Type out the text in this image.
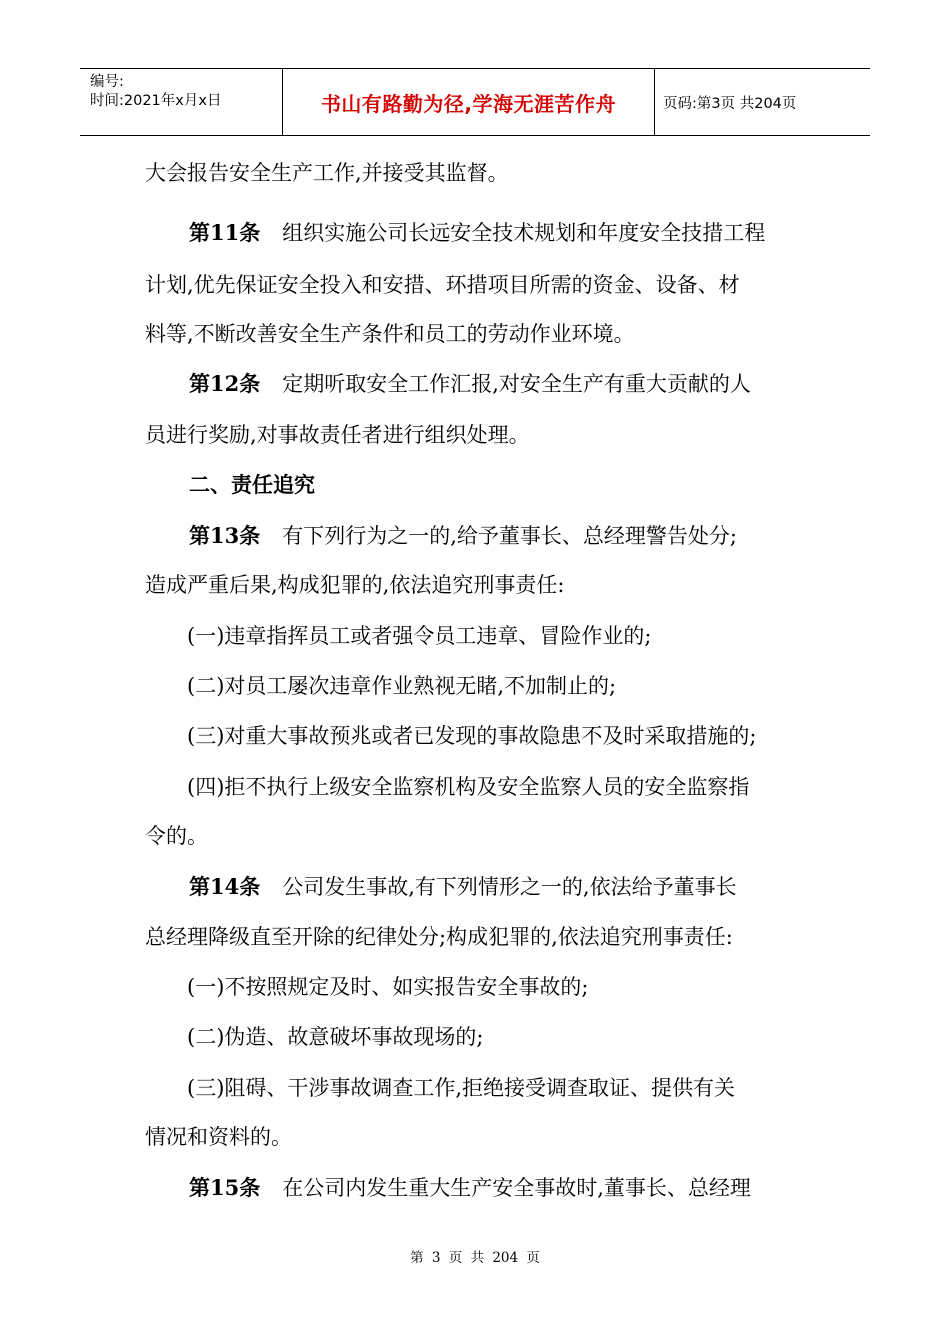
编号:
时间:2021年x月x日	书山有路勤为径,学海无涯苦作舟	页码:第3页 共204页
大会报告安全生产工作,并接受其监督。
第11条 组织实施公司长远安全技术规划和年度安全技措工程
计划,优先保证安全投入和安措、环措项目所需的资金、设备、材
料等,不断改善安全生产条件和员工的劳动作业环境。
第12条 定期听取安全工作汇报,对安全生产有重大贡献的人
员进行奖励,对事故责任者进行组织处理。
二、责任追究
第13条 有下列行为之一的,给予董事长、总经理警告处分;
造成严重后果,构成犯罪的,依法追究刑事责任:
(一)违章指挥员工或者强令员工违章、冒险作业的;
(二)对员工屡次违章作业熟视无睹,不加制止的;
(三)对重大事故预兆或者已发现的事故隐患不及时采取措施的;
(四)拒不执行上级安全监察机构及安全监察人员的安全监察指
令的。
第14条 公司发生事故,有下列情形之一的,依法给予董事长
总经理降级直至开除的纪律处分;构成犯罪的,依法追究刑事责任:
(一)不按照规定及时、如实报告安全事故的;
(二)伪造、故意破坏事故现场的;
(三)阻碍、干涉事故调查工作,拒绝接受调查取证、提供有关
情况和资料的。
第15条 在公司内发生重大生产安全事故时,董事长、总经理
第 3 页 共 204 页
